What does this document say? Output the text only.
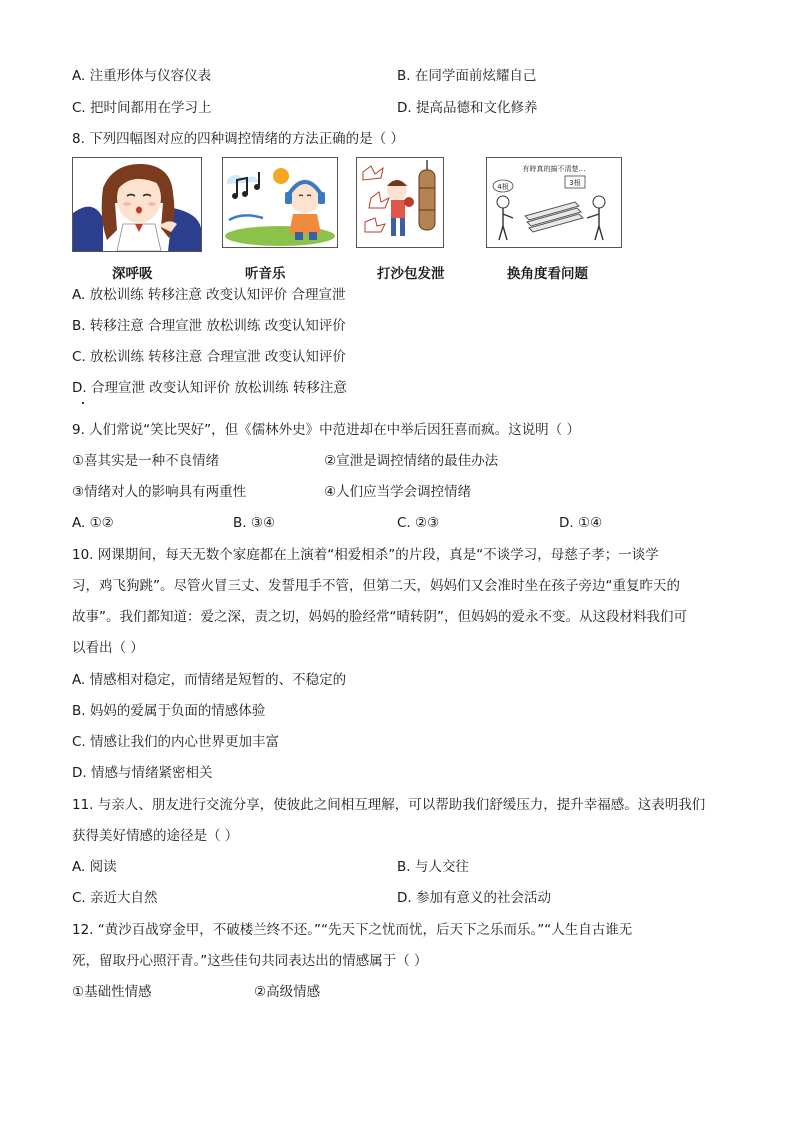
A. 注重形体与仪容仪表	B. 在同学面前炫耀自己
C. 把时间都用在学习上	D. 提高品德和文化修养
8. 下列四幅图对应的四种调控情绪的方法正确的是（ ）
有時真的搞不清楚…
4根	3根
深呼吸	听音乐	打沙包发泄	换角度看问题
A. 放松训练 转移注意 改变认知评价 合理宣泄
B. 转移注意 合理宣泄 放松训练 改变认知评价
C. 放松训练 转移注意 合理宣泄 改变认知评价
D. 合理宣泄 改变认知评价 放松训练 转移注意
9. 人们常说“笑比哭好”，但《儒林外史》中范进却在中举后因狂喜而疯。这说明（ ）
①喜其实是一种不良情绪	②宣泄是调控情绪的最佳办法
③情绪对人的影响具有两重性	④人们应当学会调控情绪
A. ①②	B. ③④	C. ②③	D. ①④
10. 网课期间，每天无数个家庭都在上演着“相爱相杀”的片段，真是“不谈学习，母慈子孝；一谈学
习，鸡飞狗跳”。尽管火冒三丈、发誓甩手不管，但第二天，妈妈们又会准时坐在孩子旁边“重复昨天的
故事”。我们都知道：爱之深，责之切，妈妈的脸经常“晴转阴”，但妈妈的爱永不变。从这段材料我们可
以看出（ ）
A. 情感相对稳定，而情绪是短暂的、不稳定的
B. 妈妈的爱属于负面的情感体验
C. 情感让我们的内心世界更加丰富
D. 情感与情绪紧密相关
11. 与亲人、朋友进行交流分享，使彼此之间相互理解，可以帮助我们舒缓压力，提升幸福感。这表明我们
获得美好情感的途径是（ ）
A. 阅读	B. 与人交往
C. 亲近大自然	D. 参加有意义的社会活动
12. “黄沙百战穿金甲，不破楼兰终不还。”“先天下之忧而忧，后天下之乐而乐。”“人生自古谁无
死，留取丹心照汗青。”这些佳句共同表达出的情感属于（ ）
①基础性情感	②高级情感
